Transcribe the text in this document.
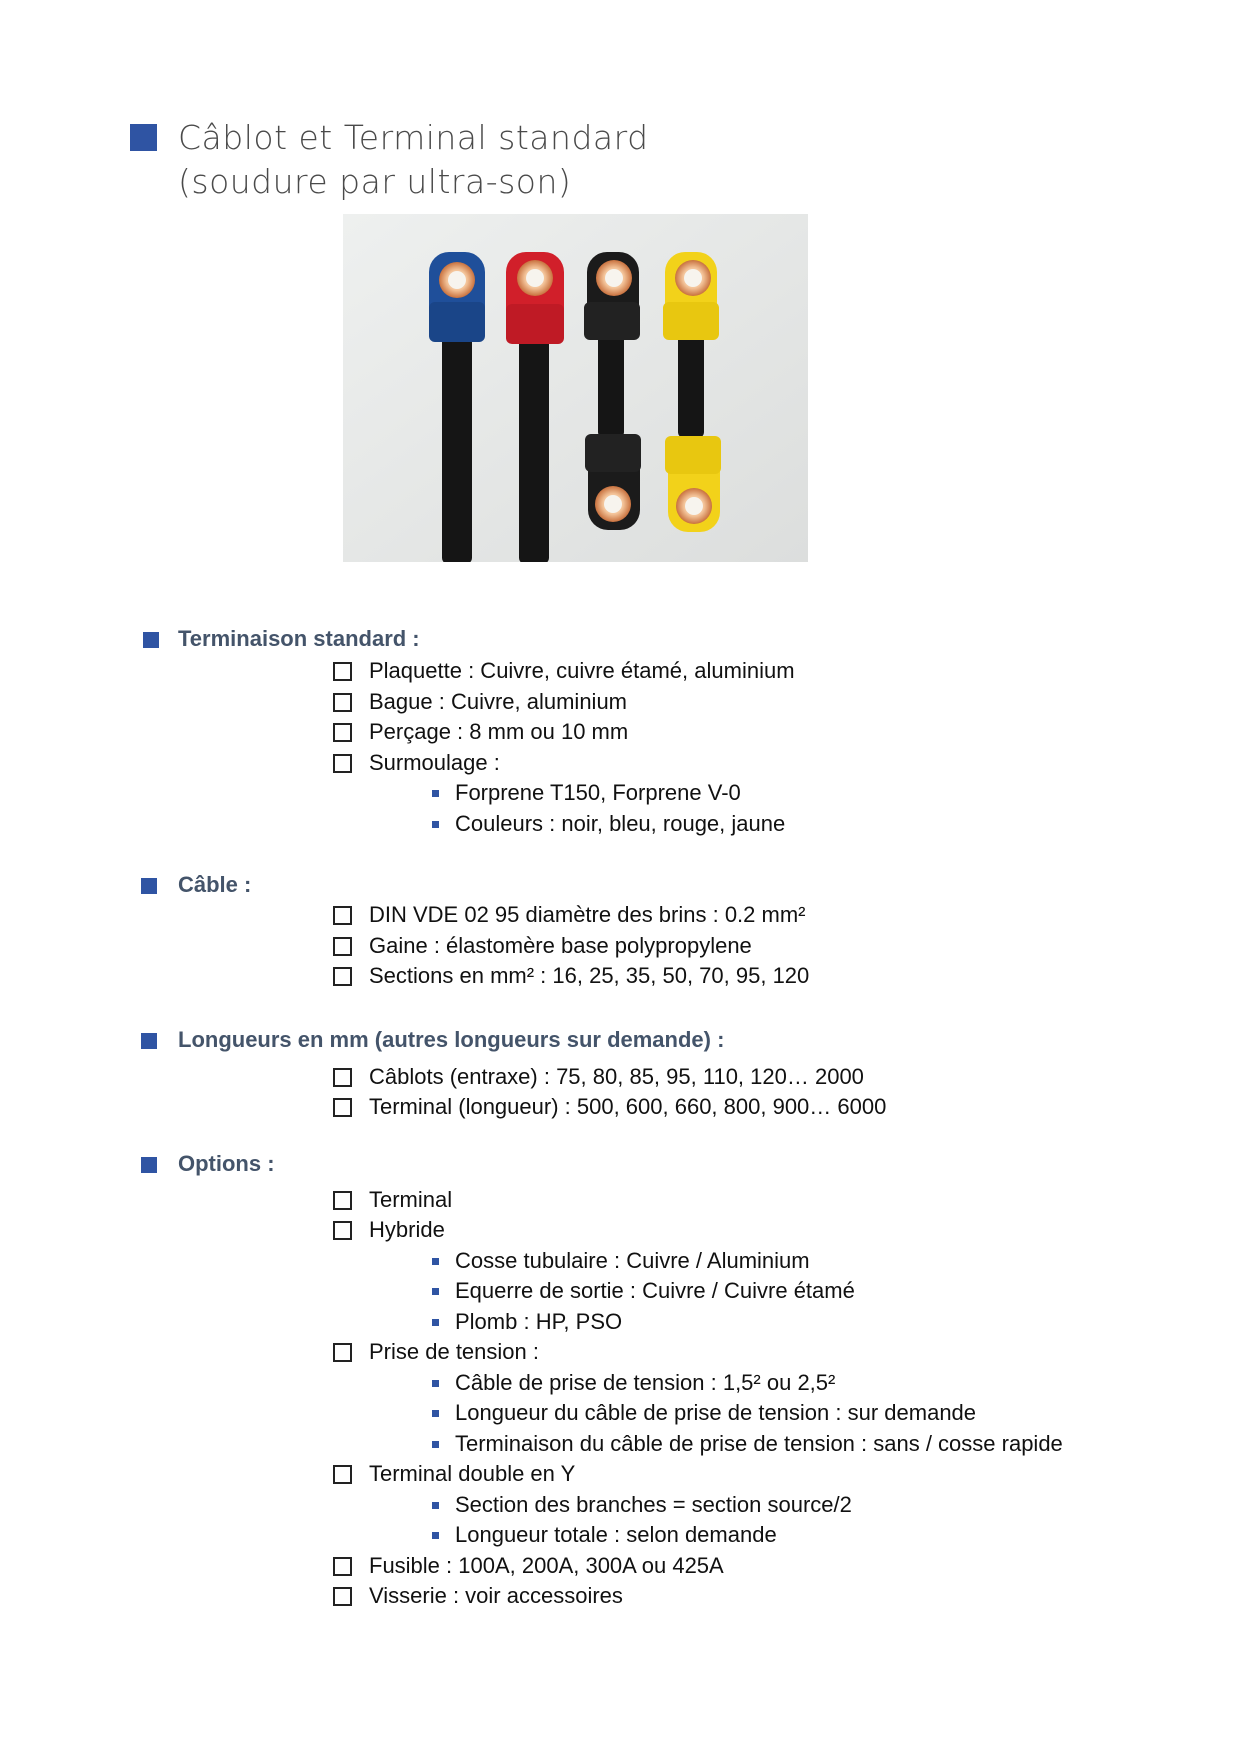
Câblot et Terminal standard
(soudure par ultra-son)
Terminaison standard :
Plaquette : Cuivre, cuivre étamé, aluminium
Bague : Cuivre, aluminium
Perçage : 8 mm ou 10 mm
Surmoulage :
Forprene T150, Forprene V-0
Couleurs : noir, bleu, rouge, jaune
Câble :
DIN VDE 02 95 diamètre des brins : 0.2 mm²
Gaine : élastomère base polypropylene
Sections en mm² : 16, 25, 35, 50, 70, 95, 120
Longueurs en mm (autres longueurs sur demande) :
Câblots (entraxe) : 75, 80, 85, 95, 110, 120… 2000
Terminal (longueur) : 500, 600, 660, 800, 900… 6000
Options :
Terminal
Hybride
Cosse tubulaire : Cuivre / Aluminium
Equerre de sortie : Cuivre / Cuivre étamé
Plomb : HP, PSO
Prise de tension :
Câble de prise de tension : 1,5² ou 2,5²
Longueur du câble de prise de tension : sur demande
Terminaison du câble de prise de tension : sans / cosse rapide
Terminal double en Y
Section des branches = section source/2
Longueur totale : selon demande
Fusible : 100A, 200A, 300A ou 425A
Visserie : voir accessoires
